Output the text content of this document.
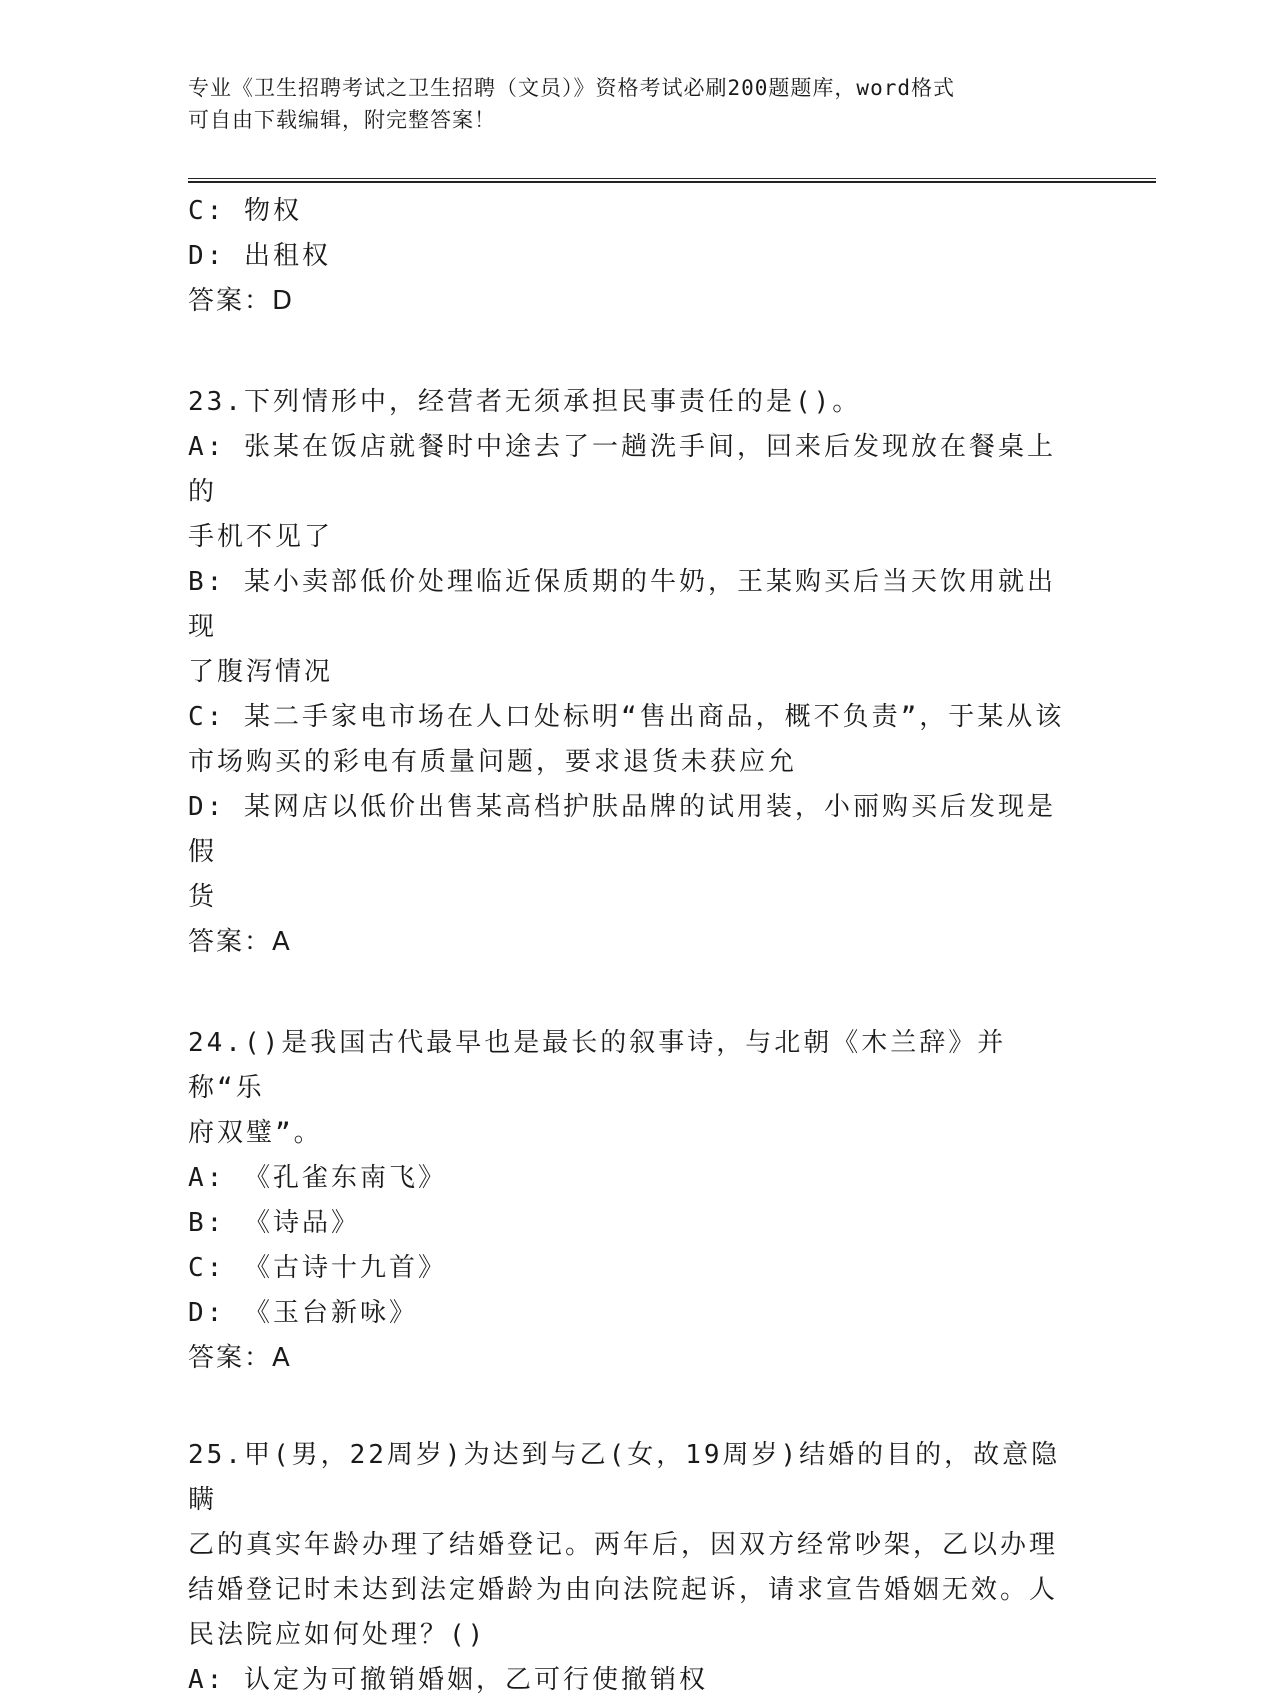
专业《卫生招聘考试之卫生招聘（文员）》资格考试必刷200题题库，word格式
可自由下载编辑，附完整答案！
C: 物权
D: 出租权
答案：D
23.下列情形中，经营者无须承担民事责任的是()。
A: 张某在饭店就餐时中途去了一趟洗手间，回来后发现放在餐桌上的
手机不见了
B: 某小卖部低价处理临近保质期的牛奶，王某购买后当天饮用就出现
了腹泻情况
C: 某二手家电市场在人口处标明“售出商品，概不负责”，于某从该
市场购买的彩电有质量问题，要求退货未获应允
D: 某网店以低价出售某高档护肤品牌的试用装，小丽购买后发现是假
货
答案：A
24.()是我国古代最早也是最长的叙事诗，与北朝《木兰辞》并称“乐
府双璧”。
A: 《孔雀东南飞》
B: 《诗品》
C: 《古诗十九首》
D: 《玉台新咏》
答案：A
25.甲(男，22周岁)为达到与乙(女，19周岁)结婚的目的，故意隐瞒
乙的真实年龄办理了结婚登记。两年后，因双方经常吵架，乙以办理
结婚登记时未达到法定婚龄为由向法院起诉，请求宣告婚姻无效。人
民法院应如何处理？()
A: 认定为可撤销婚姻，乙可行使撤销权
